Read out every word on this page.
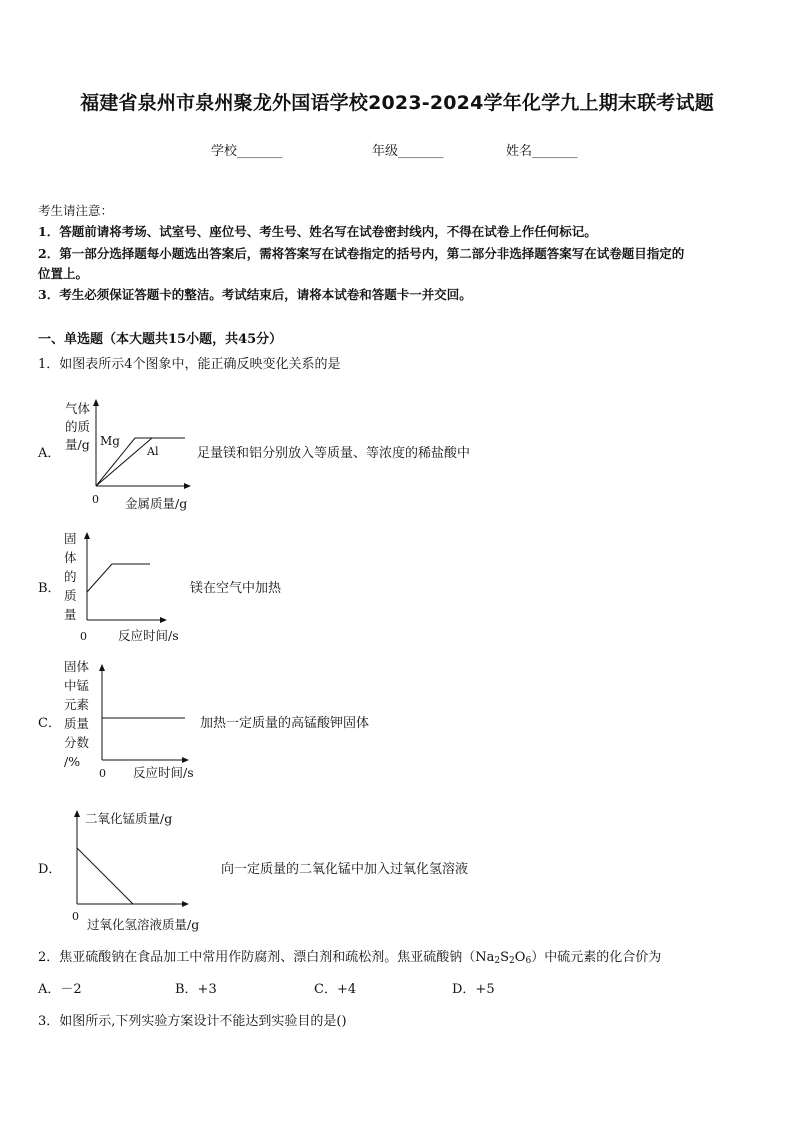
福建省泉州市泉州聚龙外国语学校2023-2024学年化学九上期末联考试题
学校_______	年级_______	姓名_______
考生请注意：
1．答题前请将考场、试室号、座位号、考生号、姓名写在试卷密封线内，不得在试卷上作任何标记。
2．第一部分选择题每小题选出答案后，需将答案写在试卷指定的括号内，第二部分非选择题答案写在试卷题目指定的
位置上。
3．考生必须保证答题卡的整洁。考试结束后，请将本试卷和答题卡一并交回。
一、单选题（本大题共15小题，共45分）
1．如图表所示4个图象中，能正确反映变化关系的是
A．
气体
的质
量/g Mg
Al
0 金属质量/g
足量镁和铝分别放入等质量、等浓度的稀盐酸中
B．
固
体
的
质
量
0 反应时间/s
镁在空气中加热
C．
固体
中锰
元素
质量
分数
/%
0 反应时间/s
加热一定质量的高锰酸钾固体
D．
二氧化锰质量/g
0
过氧化氢溶液质量/g
向一定质量的二氧化锰中加入过氧化氢溶液
2．焦亚硫酸钠在食品加工中常用作防腐剂、漂白剂和疏松剂。焦亚硫酸钠$(Na_2S_2O_6)$中硫元素的化合价为
A．－2	B．+3	C．+4	D．+5
3．如图所示,下列实验方案设计不能达到实验目的是()
